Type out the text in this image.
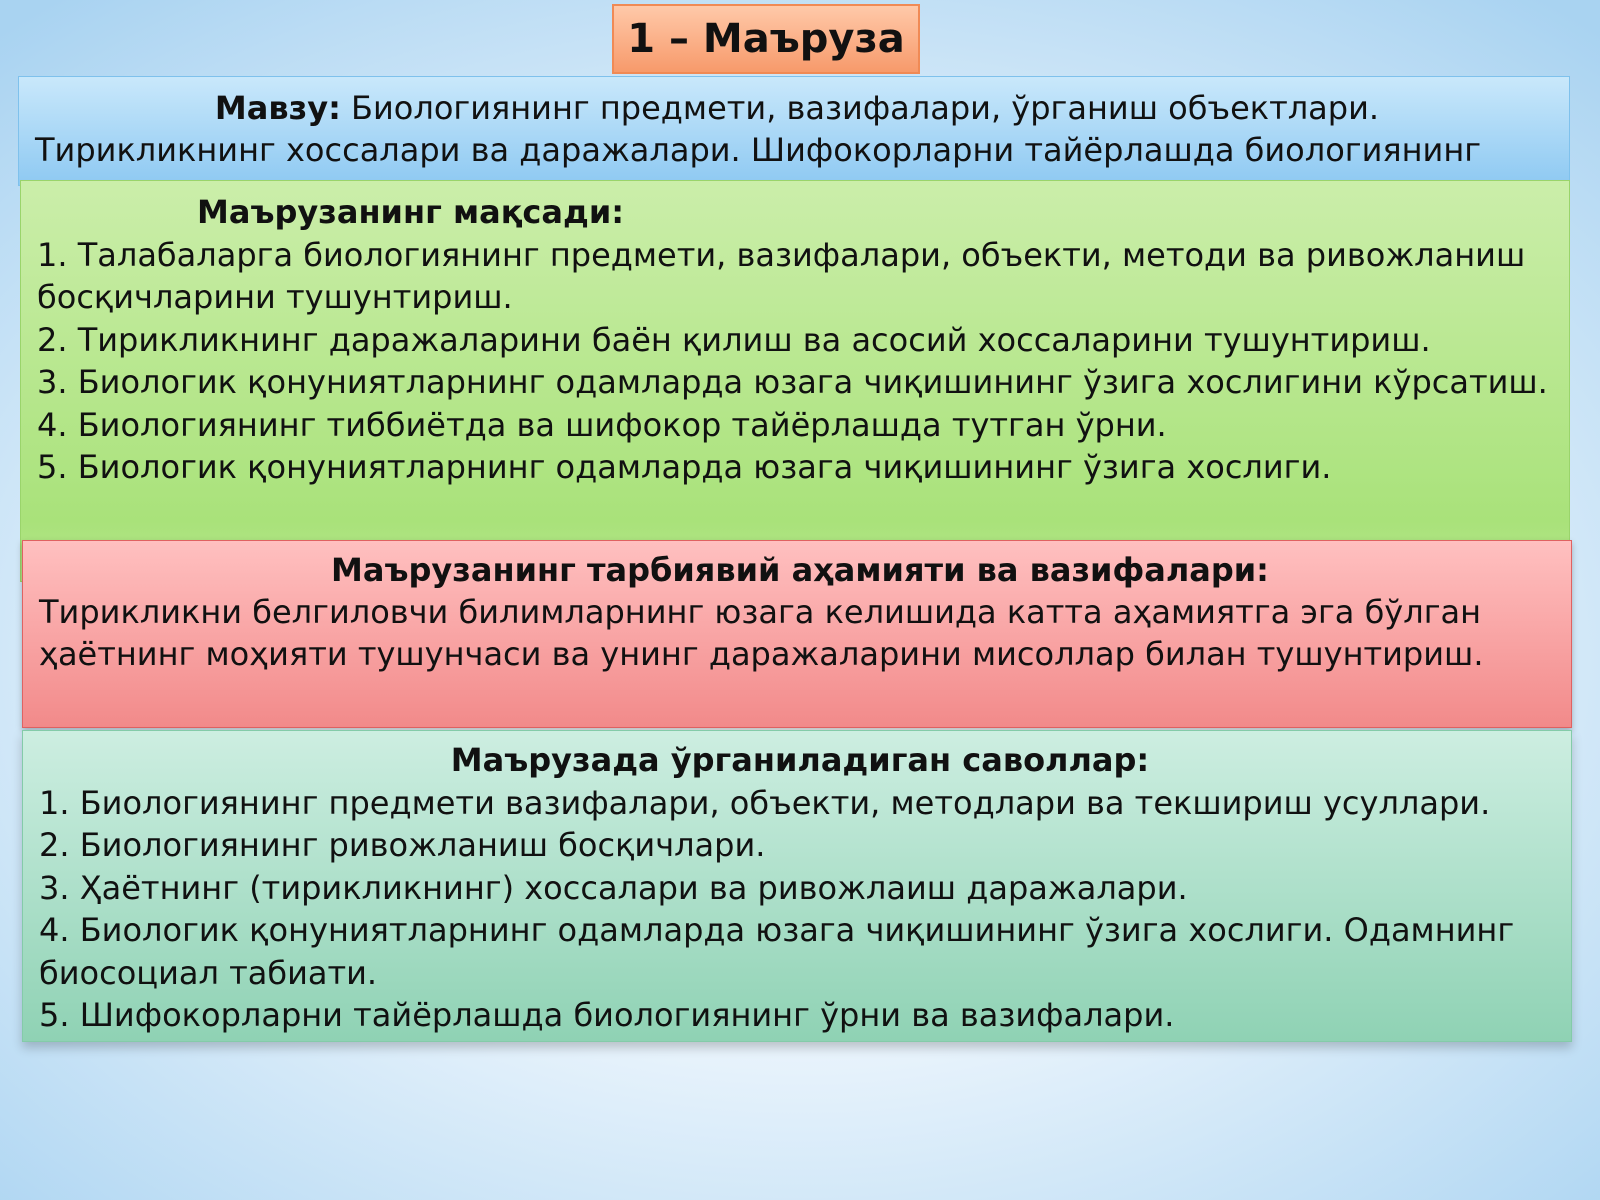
1 – Маъруза
Мавзу: Биологиянинг предмети, вазифалари, ўрганиш объектлари.
Тирикликнинг хоссалари ва даражалари. Шифокорларни тайёрлашда биологиянинг
Маърузанинг мақсади:
1. Талабаларга биологиянинг предмети, вазифалари, объекти, методи ва ривожланиш босқичларини тушунтириш.
2. Тирикликнинг даражаларини баён қилиш ва асосий хоссаларини тушунтириш.
3. Биологик қонуниятларнинг одамларда юзага чиқишининг ўзига хослигини кўрсатиш.
4. Биологиянинг тиббиётда ва шифокор тайёрлашда тутган ўрни.
5. Биологик қонуниятларнинг одамларда юзага чиқишининг ўзига хослиги.
Маърузанинг тарбиявий аҳамияти ва вазифалари:
Тирикликни белгиловчи билимларнинг юзага келишида катта аҳамиятга эга бўлган ҳаётнинг моҳияти тушунчаси ва унинг даражаларини мисоллар билан тушунтириш.
Маърузада ўрганиладиган саволлар:
1. Биологиянинг предмети вазифалари, объекти, методлари ва текшириш усуллари.
2. Биологиянинг ривожланиш босқичлари.
3. Ҳаётнинг (тирикликнинг) хоссалари ва ривожлаиш даражалари.
4. Биологик қонуниятларнинг одамларда юзага чиқишининг ўзига хослиги. Одамнинг биосоциал табиати.
5. Шифокорларни тайёрлашда биологиянинг ўрни ва вазифалари.
